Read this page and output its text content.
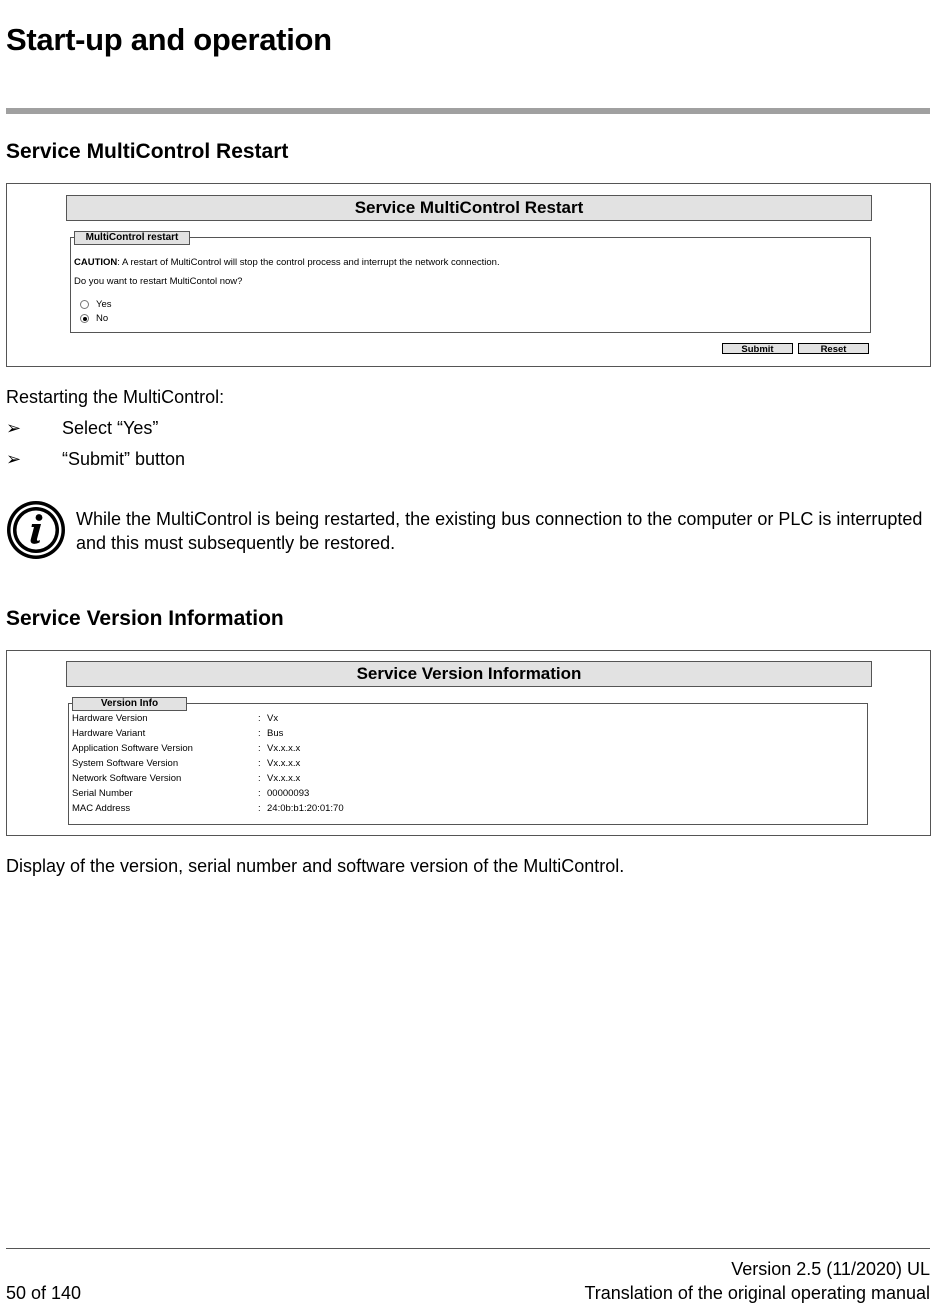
Start-up and operation
Service MultiControl Restart
Service MultiControl Restart
MultiControl restart
CAUTION: A restart of MultiControl will stop the control process and interrupt the network connection.
Do you want to restart MultiContol now?
Yes
No
Submit	Reset
Restarting the MultiControl:
➢ Select “Yes”
➢ “Submit” button
While the MultiControl is being restarted, the existing bus connection to the computer or PLC is interrupted and this must subsequently be restored.
Service Version Information
Service Version Information
Version Info
Hardware Version	: Vx
Hardware Variant	: Bus
Application Software Version	: Vx.x.x.x
System Software Version	: Vx.x.x.x
Network Software Version	: Vx.x.x.x
Serial Number	: 00000093
MAC Address	: 24:0b:b1:20:01:70
Display of the version, serial number and software version of the MultiControl.
Version 2.5 (11/2020) UL
50 of 140	Translation of the original operating manual
